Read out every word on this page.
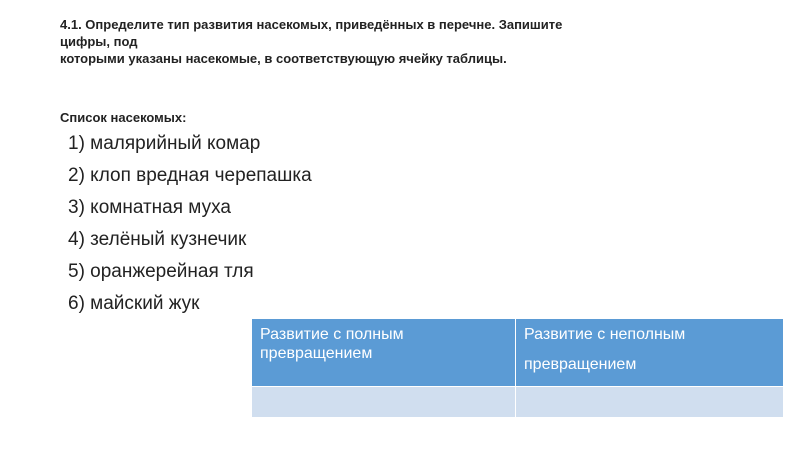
4.1. Определите тип развития насекомых, приведённых в перечне. Запишите
цифры, под
которыми указаны насекомые, в соответствующую ячейку таблицы.
Список насекомых:
1) малярийный комар
2) клоп вредная черепашка
3) комнатная муха
4) зелёный кузнечик
5) оранжерейная тля
6) майский жук
Развитие с полным превращением	Развитие с неполным превращением
